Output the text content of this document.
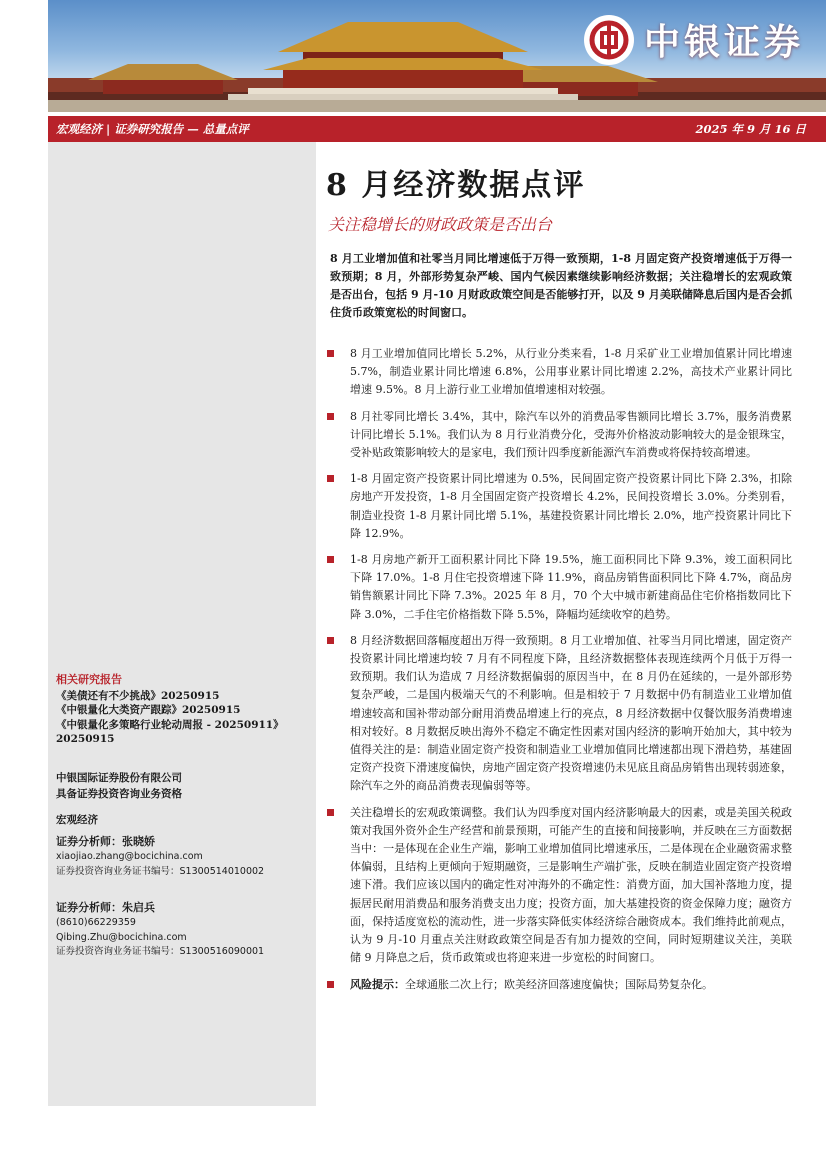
中银证券
宏观经济 | 证券研究报告 — 总量点评	2025 年 9 月 16 日
相关研究报告
《美债还有不少挑战》20250915
《中银量化大类资产跟踪》20250915
《中银量化多策略行业轮动周报 - 20250911》20250915
中银国际证券股份有限公司
具备证券投资咨询业务资格
宏观经济
证券分析师：张晓娇
xiaojiao.zhang@bocichina.com
证券投资咨询业务证书编号：S1300514010002
证券分析师：朱启兵
(8610)66229359
Qibing.Zhu@bocichina.com
证券投资咨询业务证书编号：S1300516090001
8 月经济数据点评
关注稳增长的财政政策是否出台
8 月工业增加值和社零当月同比增速低于万得一致预期，1-8 月固定资产投资增速低于万得一致预期；8 月，外部形势复杂严峻、国内气候因素继续影响经济数据；关注稳增长的宏观政策是否出台，包括 9 月-10 月财政政策空间是否能够打开，以及 9 月美联储降息后国内是否会抓住货币政策宽松的时间窗口。
8 月工业增加值同比增长 5.2%，从行业分类来看，1-8 月采矿业工业增加值累计同比增速 5.7%，制造业累计同比增速 6.8%，公用事业累计同比增速 2.2%，高技术产业累计同比增速 9.5%。8 月上游行业工业增加值增速相对较强。
8 月社零同比增长 3.4%，其中，除汽车以外的消费品零售额同比增长 3.7%，服务消费累计同比增长 5.1%。我们认为 8 月行业消费分化，受海外价格波动影响较大的是金银珠宝，受补贴政策影响较大的是家电，我们预计四季度新能源汽车消费或将保持较高增速。
1-8 月固定资产投资累计同比增速为 0.5%，民间固定资产投资累计同比下降 2.3%，扣除房地产开发投资，1-8 月全国固定资产投资增长 4.2%，民间投资增长 3.0%。分类别看，制造业投资 1-8 月累计同比增 5.1%，基建投资累计同比增长 2.0%，地产投资累计同比下降 12.9%。
1-8 月房地产新开工面积累计同比下降 19.5%，施工面积同比下降 9.3%，竣工面积同比下降 17.0%。1-8 月住宅投资增速下降 11.9%，商品房销售面积同比下降 4.7%，商品房销售额累计同比下降 7.3%。2025 年 8 月，70 个大中城市新建商品住宅价格指数同比下降 3.0%，二手住宅价格指数下降 5.5%，降幅均延续收窄的趋势。
8 月经济数据回落幅度超出万得一致预期。8 月工业增加值、社零当月同比增速，固定资产投资累计同比增速均较 7 月有不同程度下降，且经济数据整体表现连续两个月低于万得一致预期。我们认为造成 7 月经济数据偏弱的原因当中，在 8 月仍在延续的，一是外部形势复杂严峻，二是国内极端天气的不利影响。但是相较于 7 月数据中仍有制造业工业增加值增速较高和国补带动部分耐用消费品增速上行的亮点，8 月经济数据中仅餐饮服务消费增速相对较好。8 月数据反映出海外不稳定不确定性因素对国内经济的影响开始加大，其中较为值得关注的是：制造业固定资产投资和制造业工业增加值同比增速都出现下滑趋势，基建固定资产投资下滑速度偏快，房地产固定资产投资增速仍未见底且商品房销售出现转弱迹象，除汽车之外的商品消费表现偏弱等等。
关注稳增长的宏观政策调整。我们认为四季度对国内经济影响最大的因素，或是美国关税政策对我国外资外企生产经营和前景预期，可能产生的直接和间接影响，并反映在三方面数据当中：一是体现在企业生产端，影响工业增加值同比增速承压，二是体现在企业融资需求整体偏弱，且结构上更倾向于短期融资，三是影响生产端扩张，反映在制造业固定资产投资增速下滑。我们应该以国内的确定性对冲海外的不确定性：消费方面，加大国补落地力度，提振居民耐用消费品和服务消费支出力度；投资方面，加大基建投资的资金保障力度；融资方面，保持适度宽松的流动性，进一步落实降低实体经济综合融资成本。我们维持此前观点，认为 9 月-10 月重点关注财政政策空间是否有加力提效的空间，同时短期建议关注，美联储 9 月降息之后，货币政策或也将迎来进一步宽松的时间窗口。
风险提示：全球通胀二次上行；欧美经济回落速度偏快；国际局势复杂化。
